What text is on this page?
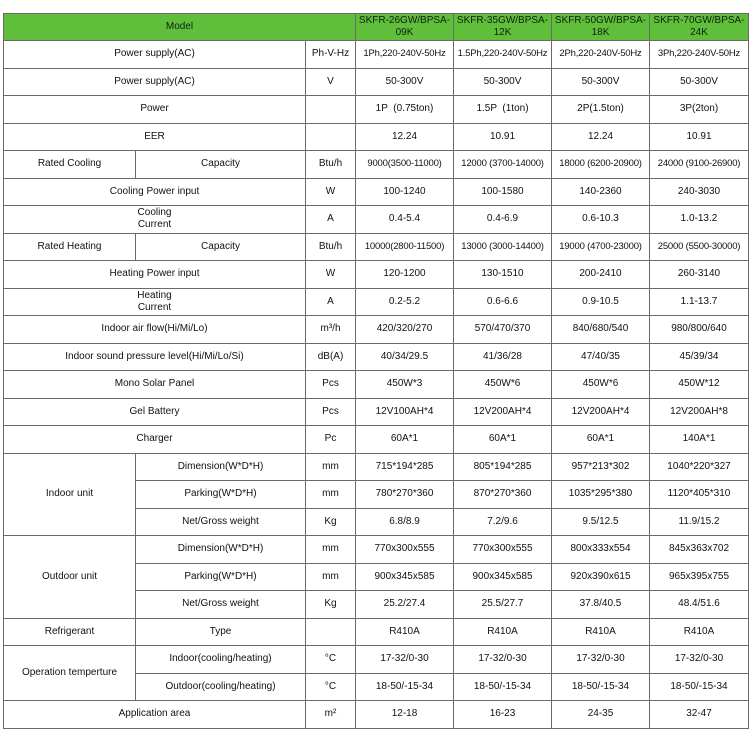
Model			SKFR-26GW/BPSA-09K	SKFR-35GW/BPSA-12K	SKFR-50GW/BPSA-18K	SKFR-70GW/BPSA-24K
Power supply(AC)		Ph-V-Hz	1Ph,220-240V-50Hz	1.5Ph,220-240V-50Hz	2Ph,220-240V-50Hz	3Ph,220-240V-50Hz
Power supply(AC)		V	50-300V	50-300V	50-300V	50-300V
Power			1P  (0.75ton)	1.5P  (1ton)	2P(1.5ton)	3P(2ton)
EER			12.24	10.91	12.24	10.91
Rated Cooling	Capacity	Btu/h	9000(3500-11000)	12000 (3700-14000)	18000 (6200-20900)	24000 (9100-26900)
Cooling Power input		W	100-1240	100-1580	140-2360	240-3030

Cooling
Current		A	0.4-5.4	0.4-6.9	0.6-10.3	1.0-13.2
Rated Heating	Capacity	Btu/h	10000(2800-11500)	13000 (3000-14400)	19000 (4700-23000)	25000 (5500-30000)
Heating Power input		W	120-1200	130-1510	200-2410	260-3140

Heating
Current		A	0.2-5.2	0.6-6.6	0.9-10.5	1.1-13.7
Indoor air flow(Hi/Mi/Lo)		m³/h	420/320/270	570/470/370	840/680/540	980/800/640
Indoor sound pressure level(Hi/Mi/Lo/Si)		dB(A)	40/34/29.5	41/36/28	47/40/35	45/39/34
Mono Solar Panel		Pcs	450W*3	450W*6	450W*6	450W*12
Gel Battery		Pcs	12V100AH*4	12V200AH*4	12V200AH*4	12V200AH*8
Charger		Pc	60A*1	60A*1	60A*1	140A*1
Indoor unit	Dimension(W*D*H)	mm	715*194*285	805*194*285	957*213*302	1040*220*327
	Parking(W*D*H)	mm	780*270*360	870*270*360	1035*295*380	1120*405*310
	Net/Gross weight	Kg	6.8/8.9	7.2/9.6	9.5/12.5	11.9/15.2
Outdoor unit	Dimension(W*D*H)	mm	770x300x555	770x300x555	800x333x554	845x363x702
	Parking(W*D*H)	mm	900x345x585	900x345x585	920x390x615	965x395x755
	Net/Gross weight	Kg	25.2/27.4	25.5/27.7	37.8/40.5	48.4/51.6
Refrigerant	Type		R410A	R410A	R410A	R410A
Operation temperture	Indoor(cooling/heating)	°C	17-32/0-30	17-32/0-30	17-32/0-30	17-32/0-30
	Outdoor(cooling/heating)	°C	18-50/-15-34	18-50/-15-34	18-50/-15-34	18-50/-15-34
Application area		m²	12-18	16-23	24-35	32-47
